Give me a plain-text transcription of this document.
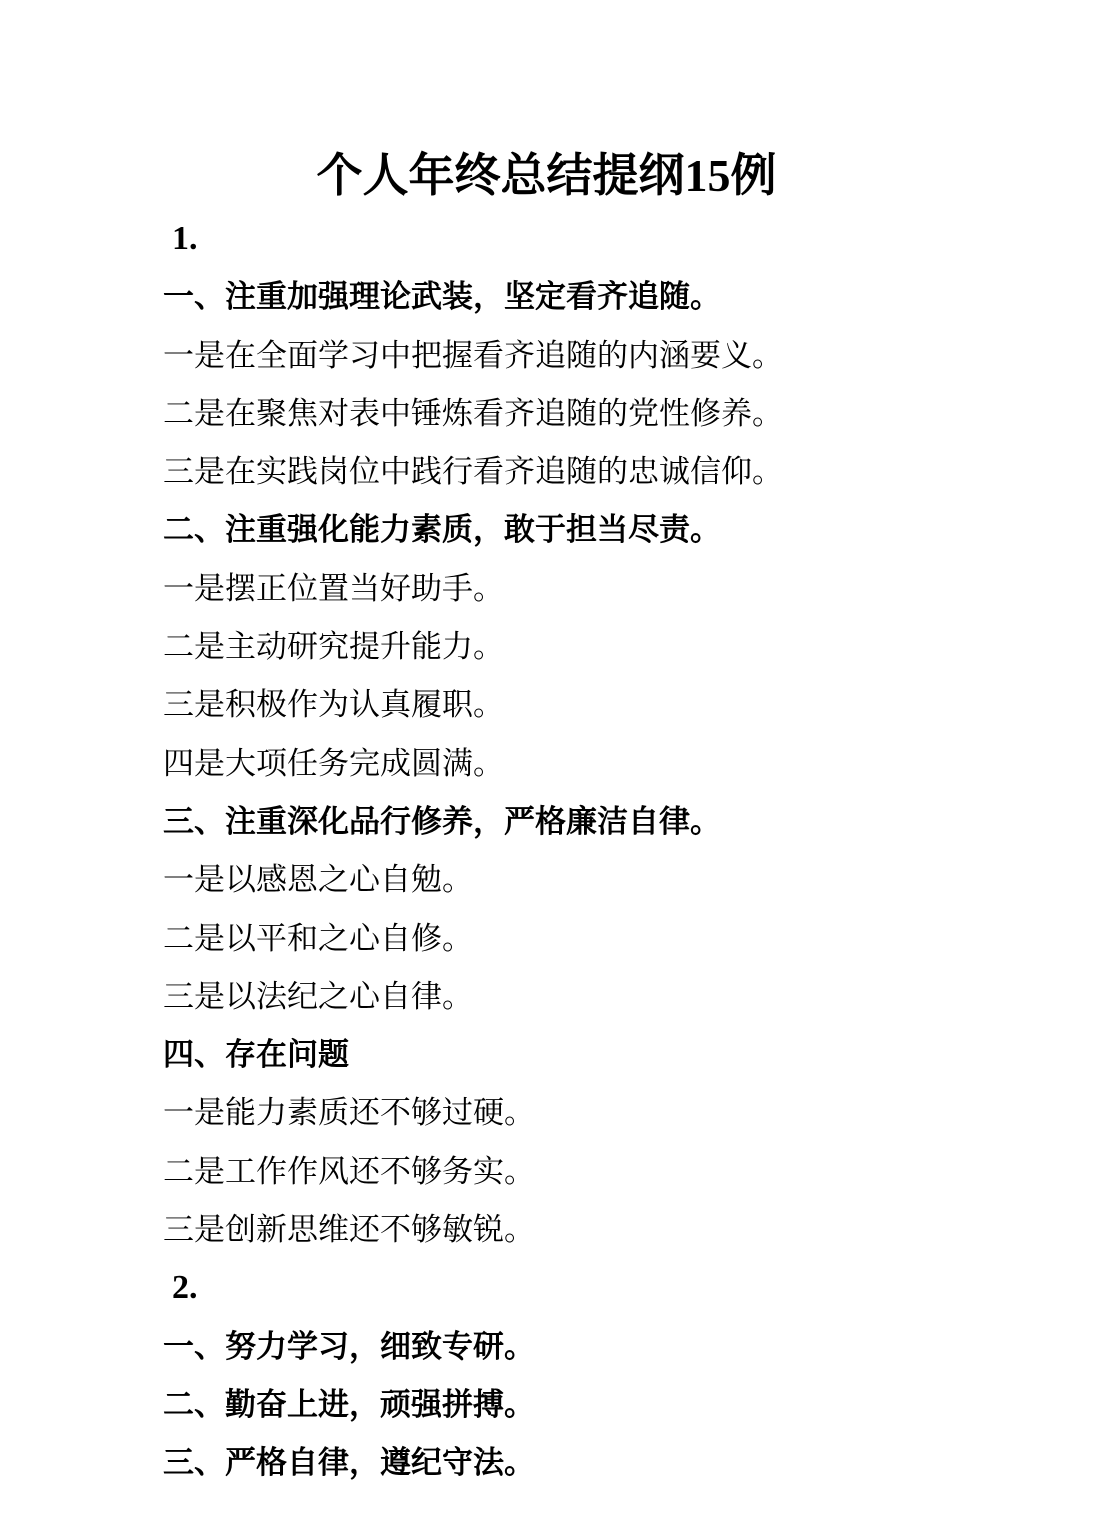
个人年终总结提纲15例
1.
一、注重加强理论武装，坚定看齐追随。
一是在全面学习中把握看齐追随的内涵要义。
二是在聚焦对表中锤炼看齐追随的党性修养。
三是在实践岗位中践行看齐追随的忠诚信仰。
二、注重强化能力素质，敢于担当尽责。
一是摆正位置当好助手。
二是主动研究提升能力。
三是积极作为认真履职。
四是大项任务完成圆满。
三、注重深化品行修养，严格廉洁自律。
一是以感恩之心自勉。
二是以平和之心自修。
三是以法纪之心自律。
四、存在问题
一是能力素质还不够过硬。
二是工作作风还不够务实。
三是创新思维还不够敏锐。
2.
一、努力学习，细致专研。
二、勤奋上进，顽强拼搏。
三、严格自律，遵纪守法。
